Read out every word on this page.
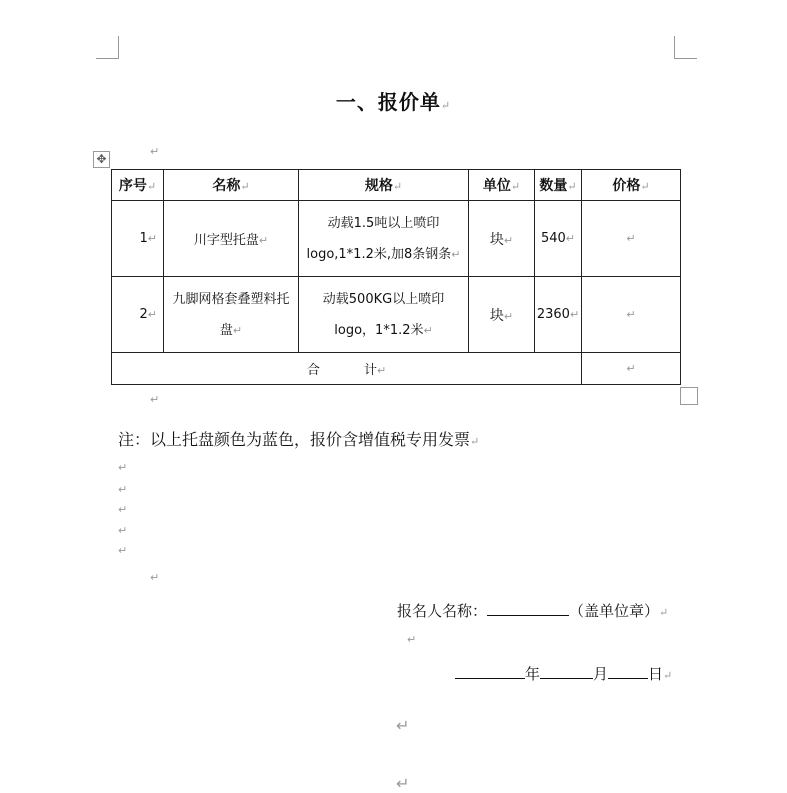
一、报价单↵
✥
↵
序号↵	名称↵	规格↵	单位↵	数量↵	价格↵
1↵	川字型托盘↵	动载1.5吨以上喷印
logo,1*1.2米,加8条钢条↵	块↵	540↵	↵
2↵	九脚网格套叠塑料托盘↵	动载500KG以上喷印
logo，1*1.2米↵	块↵	2360↵	↵
合 计↵					↵
↵
注：以上托盘颜色为蓝色，报价含增值税专用发票↵
↵
↵
↵
↵
↵
↵
报名人名称：	（盖单位章）↵
↵
年	月	日↵
↵
↵
